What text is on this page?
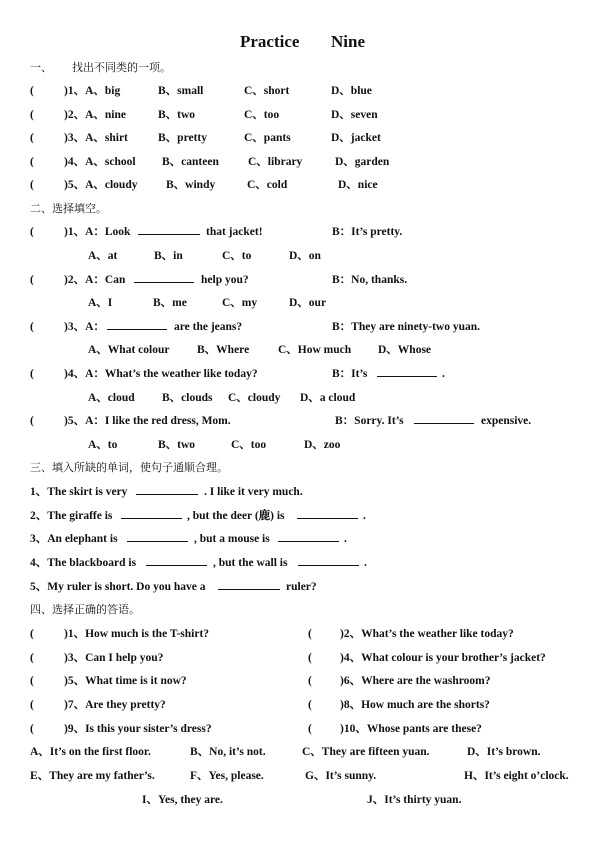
Practice Nine
一、 找出不同类的一项。
(	)1、A、big	B、small	C、short	D、blue
(	)2、A、nine	B、two	C、too	D、seven
(	)3、A、shirt	B、pretty	C、pants	D、jacket
(	)4、A、school B、canteen	C、library	D、garden
(	)5、A、cloudy B、windy	C、cold	D、nice
二、选择填空。
(	)1、A：Look	that jacket!	B：It’s pretty.
A、at	B、in	C、to	D、on
(	)2、A：Can	help you?	B：No, thanks.
A、I	B、me	C、my	D、our
(	)3、A：	are the jeans?	B：They are ninety-two yuan.
A、What colour B、Where	C、How much D、Whose
(	)4、A：What’s the weather like today?	B：It’s	.
A、cloud B、clouds C、cloudy D、a cloud
(	)5、A：I like the red dress, Mom.	B：Sorry. It’s	expensive.
A、to	B、two	C、too	D、zoo
三、填入所缺的单词，使句子通顺合理。
1、The skirt is very	. I like it very much.
2、The giraffe is	, but the deer (鹿) is	.
3、An elephant is	, but a mouse is	.
4、The blackboard is	, but the wall is	.
5、My ruler is short. Do you have a	ruler?
四、选择正确的答语。
(	)1、How much is the T-shirt?	( )2、What’s the weather like today?
(	)3、Can I help you?	( )4、What colour is your brother’s jacket?
(	)5、What time is it now?	( )6、Where are the washroom?
(	)7、Are they pretty?	( )8、How much are the shorts?
(	)9、Is this your sister’s dress?	( )10、Whose pants are these?
A、It’s on the first floor.	B、No, it’s not.	C、They are fifteen yuan.	D、It’s brown.
E、They are my father’s.	F、Yes, please.	G、It’s sunny.	H、It’s eight o’clock.
I、Yes, they are.	J、It’s thirty yuan.
